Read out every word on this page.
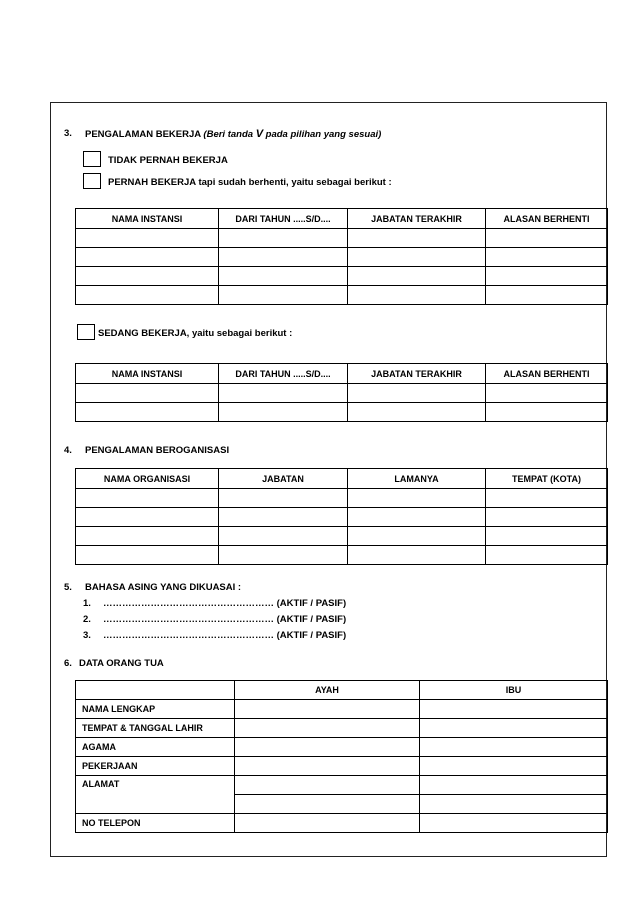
3. PENGALAMAN BEKERJA (Beri tanda V pada pilihan yang sesuai)
TIDAK PERNAH BEKERJA
PERNAH BEKERJA tapi sudah berhenti, yaitu sebagai berikut :
NAMA INSTANSI	DARI TAHUN .....S/D....	JABATAN TERAKHIR	ALASAN BERHENTI

SEDANG BEKERJA, yaitu sebagai berikut :
NAMA INSTANSI	DARI TAHUN .....S/D....	JABATAN TERAKHIR	ALASAN BERHENTI

4. PENGALAMAN BEROGANISASI
NAMA ORGANISASI	JABATAN	LAMANYA	TEMPAT (KOTA)

5. BAHASA ASING YANG DIKUASAI :
1. ……………………………………………… (AKTIF / PASIF)
2. ……………………………………………… (AKTIF / PASIF)
3. ……………………………………………… (AKTIF / PASIF)
6. DATA ORANG TUA
	AYAH	IBU
NAMA LENGKAP		
TEMPAT & TANGGAL LAHIR		
AGAMA		
PEKERJAAN		
ALAMAT		

NO TELEPON		
